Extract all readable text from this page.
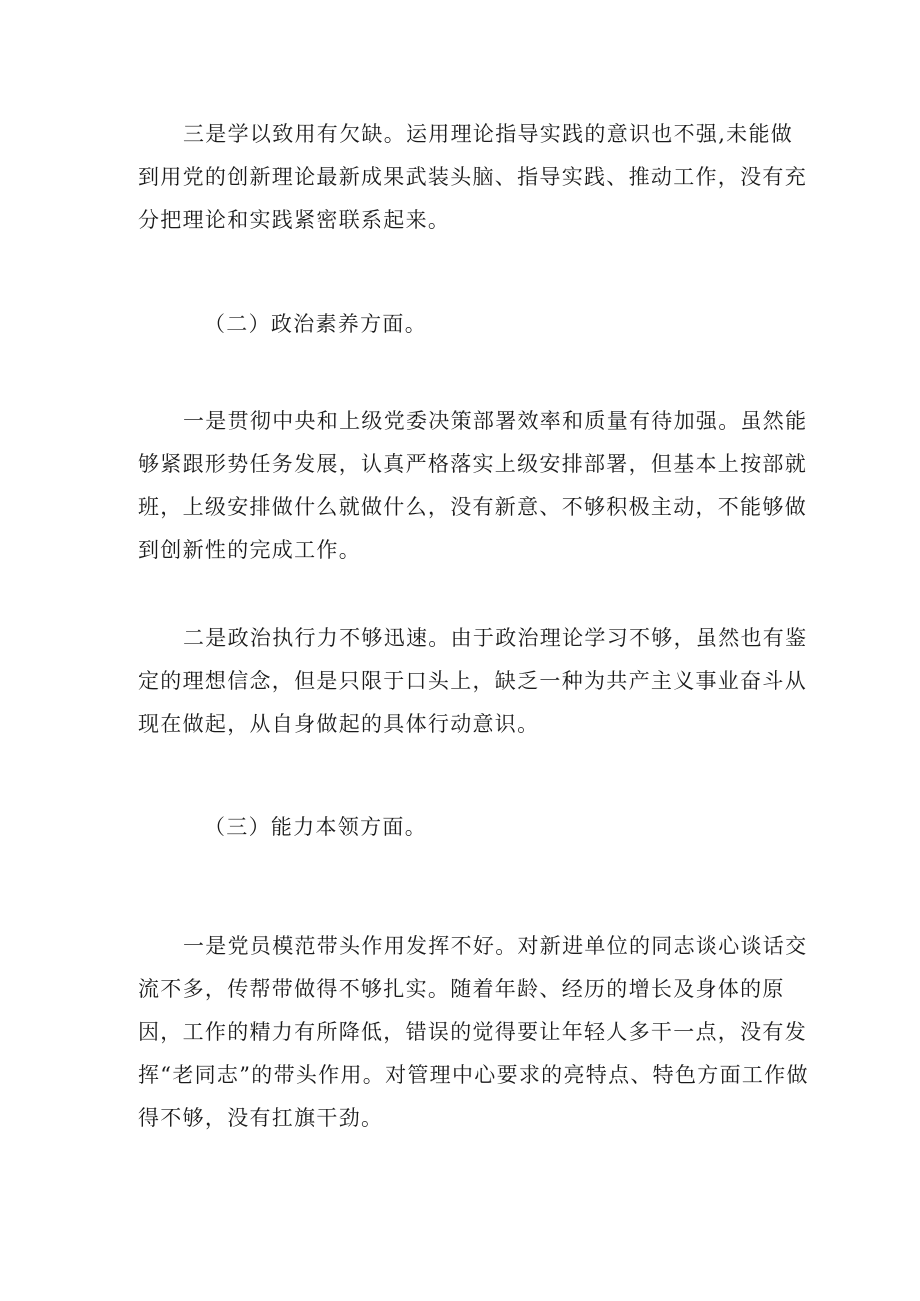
三是学以致用有欠缺。运用理论指导实践的意识也不强,未能做到用党的创新理论最新成果武装头脑、指导实践、推动工作，没有充分把理论和实践紧密联系起来。

（二）政治素养方面。

一是贯彻中央和上级党委决策部署效率和质量有待加强。虽然能够紧跟形势任务发展，认真严格落实上级安排部署，但基本上按部就班，上级安排做什么就做什么，没有新意、不够积极主动，不能够做到创新性的完成工作。

二是政治执行力不够迅速。由于政治理论学习不够，虽然也有鉴定的理想信念，但是只限于口头上，缺乏一种为共产主义事业奋斗从现在做起，从自身做起的具体行动意识。

（三）能力本领方面。

一是党员模范带头作用发挥不好。对新进单位的同志谈心谈话交流不多，传帮带做得不够扎实。随着年龄、经历的增长及身体的原因，工作的精力有所降低，错误的觉得要让年轻人多干一点，没有发挥“老同志”的带头作用。对管理中心要求的亮特点、特色方面工作做得不够，没有扛旗干劲。
